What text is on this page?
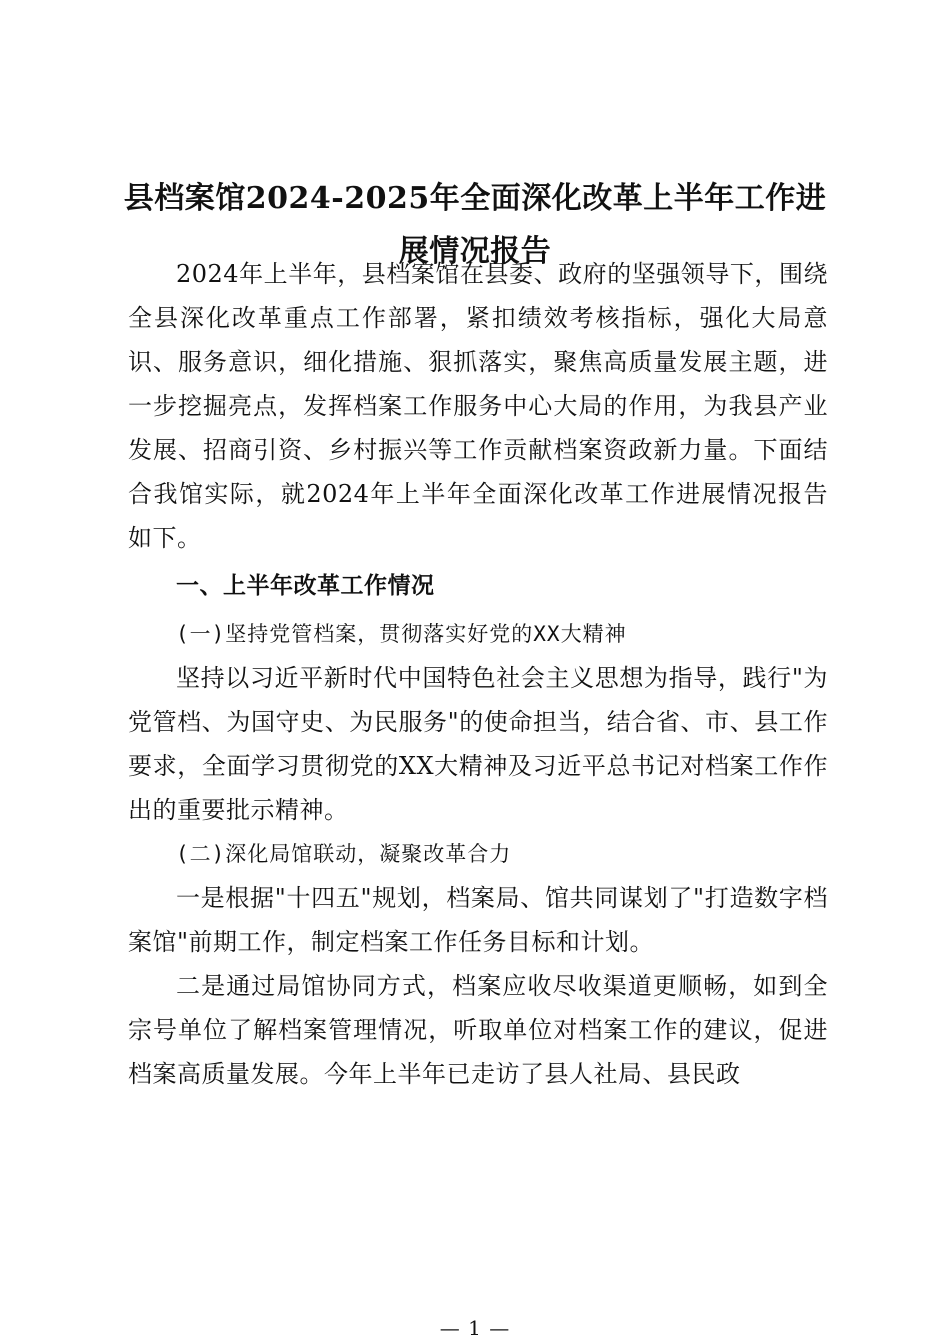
县档案馆2024-2025年全面深化改革上半年工作进展情况报告

2024年上半年，县档案馆在县委、政府的坚强领导下，围绕全县深化改革重点工作部署，紧扣绩效考核指标，强化大局意识、服务意识，细化措施、狠抓落实，聚焦高质量发展主题，进一步挖掘亮点，发挥档案工作服务中心大局的作用，为我县产业发展、招商引资、乡村振兴等工作贡献档案资政新力量。下面结合我馆实际，就2024年上半年全面深化改革工作进展情况报告如下。

一、上半年改革工作情况

(一)坚持党管档案，贯彻落实好党的XX大精神

坚持以习近平新时代中国特色社会主义思想为指导，践行"为党管档、为国守史、为民服务"的使命担当，结合省、市、县工作要求，全面学习贯彻党的XX大精神及习近平总书记对档案工作作出的重要批示精神。

(二)深化局馆联动，凝聚改革合力

一是根据"十四五"规划，档案局、馆共同谋划了"打造数字档案馆"前期工作，制定档案工作任务目标和计划。

二是通过局馆协同方式，档案应收尽收渠道更顺畅，如到全宗号单位了解档案管理情况，听取单位对档案工作的建议，促进档案高质量发展。今年上半年已走访了县人社局、县民政

— 1 —
